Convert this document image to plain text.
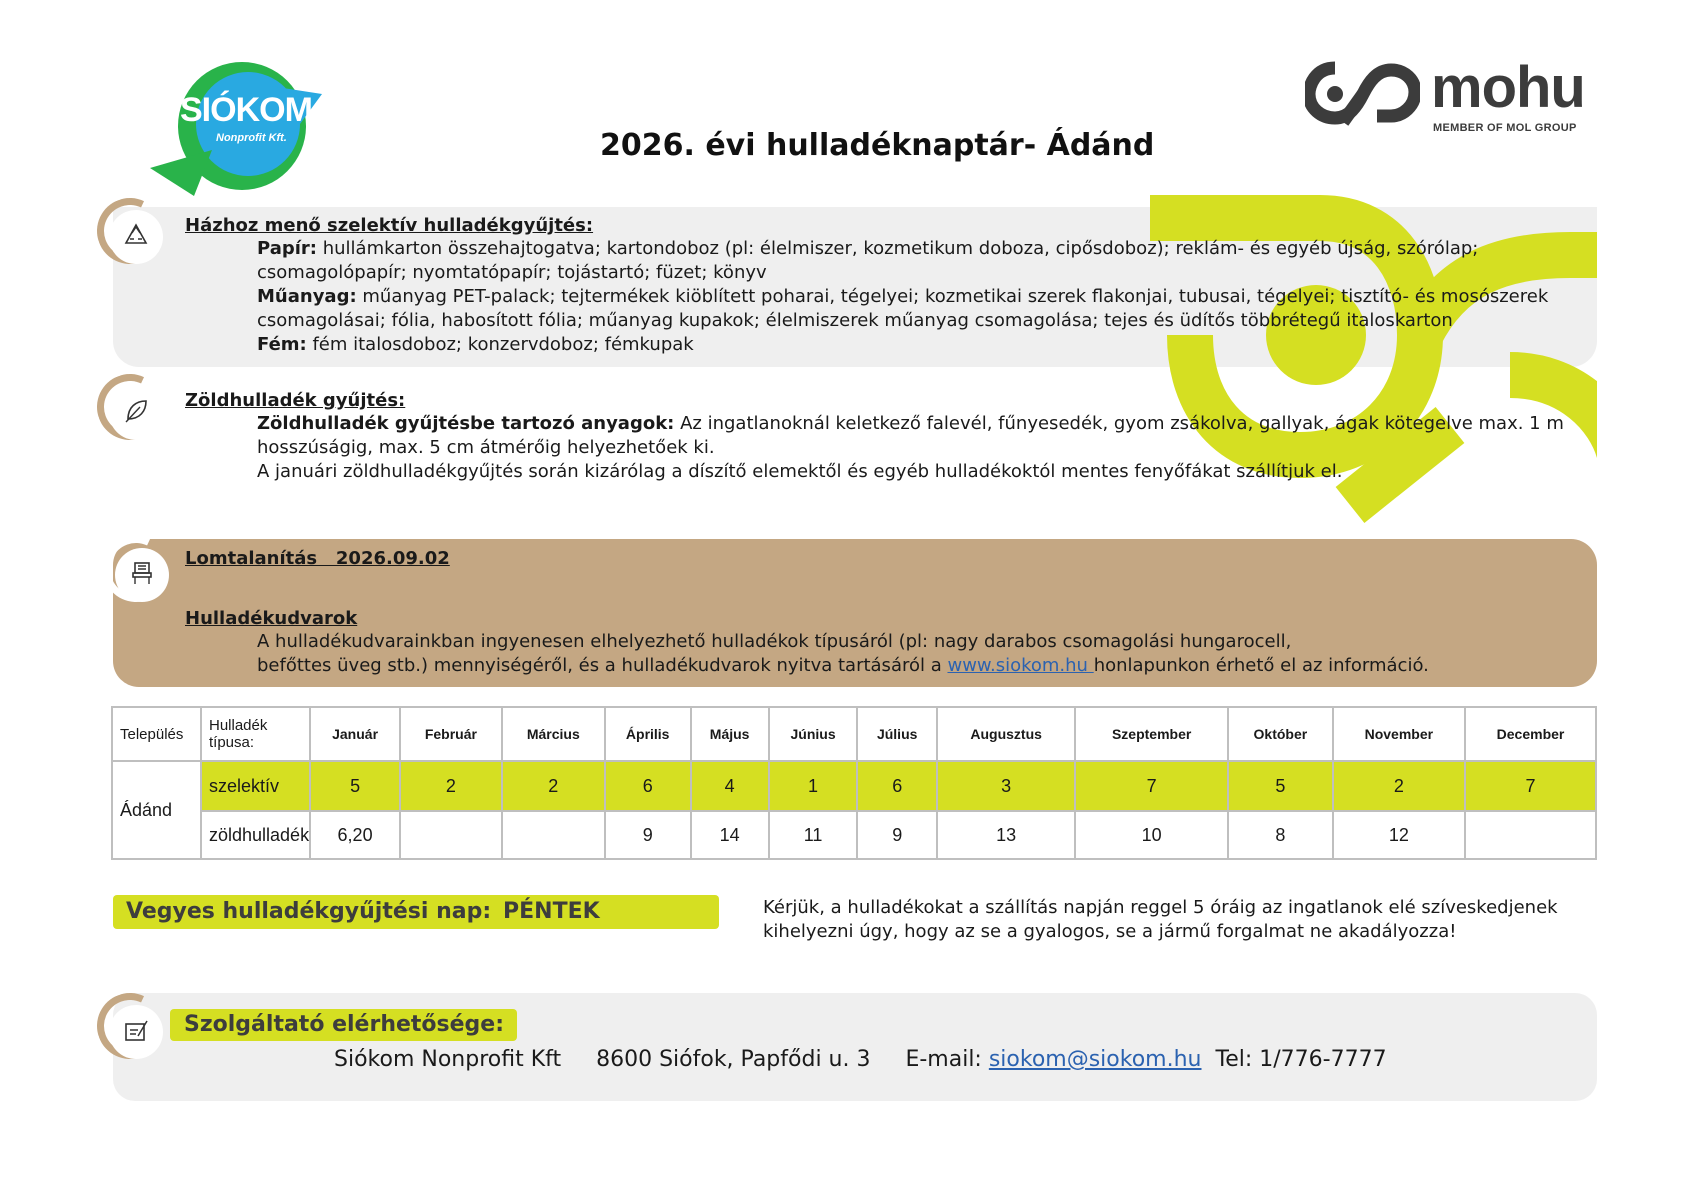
SIÓKOM
Nonprofit Kft.
mohu
MEMBER OF MOL GROUP
2026. évi hulladéknaptár- Ádánd
Házhoz menő szelektív hulladékgyűjtés:
Papír: hullámkarton összehajtogatva; kartondoboz (pl: élelmiszer, kozmetikum doboza, cipősdoboz); reklám- és egyéb újság, szórólap;
csomagolópapír; nyomtatópapír; tojástartó; füzet; könyv
Műanyag: műanyag PET-palack; tejtermékek kiöblített poharai, tégelyei; kozmetikai szerek flakonjai, tubusai, tégelyei; tisztító- és mosószerek
csomagolásai; fólia, habosított fólia; műanyag kupakok; élelmiszerek műanyag csomagolása; tejes és üdítős többrétegű italoskarton
Fém: fém italosdoboz; konzervdoboz; fémkupak
Zöldhulladék gyűjtés:
Zöldhulladék gyűjtésbe tartozó anyagok: Az ingatlanoknál keletkező falevél, fűnyesedék, gyom zsákolva, gallyak, ágak kötegelve max. 1 m
hosszúságig, max. 5 cm átmérőig helyezhetőek ki.
A januári zöldhulladékgyűjtés során kizárólag a díszítő elemektől és egyéb hulladékoktól mentes fenyőfákat szállítjuk el.
Lomtalanítás   2026.09.02
Hulladékudvarok
A hulladékudvarainkban ingyenesen elhelyezhető hulladékok típusáról (pl: nagy darabos csomagolási hungarocell,
befőttes üveg stb.) mennyiségéről, és a hulladékudvarok nyitva tartásáról a www.siokom.hu honlapunkon érhető el az információ.
Település	Hulladék típusa:	Január	Február	Március	Április	Május	Június	Július	Augusztus	Szeptember	Október	November	December
Ádánd	szelektív	5	2	2	6	4	1	6	3	7	5	2	7
	zöldhulladék	6,20			9	14	11	9	13	10	8	12	
Vegyes hulladékgyűjtési nap: PÉNTEK	Kérjük, a hulladékokat a szállítás napján reggel 5 óráig az ingatlanok elé szíveskedjenek kihelyezni úgy, hogy az se a gyalogos, se a jármű forgalmat ne akadályozza!
Szolgáltató elérhetősége:
Siókom Nonprofit Kft 8600 Siófok, Papfődi u. 3 E-mail: siokom@siokom.hu Tel: 1/776-7777
